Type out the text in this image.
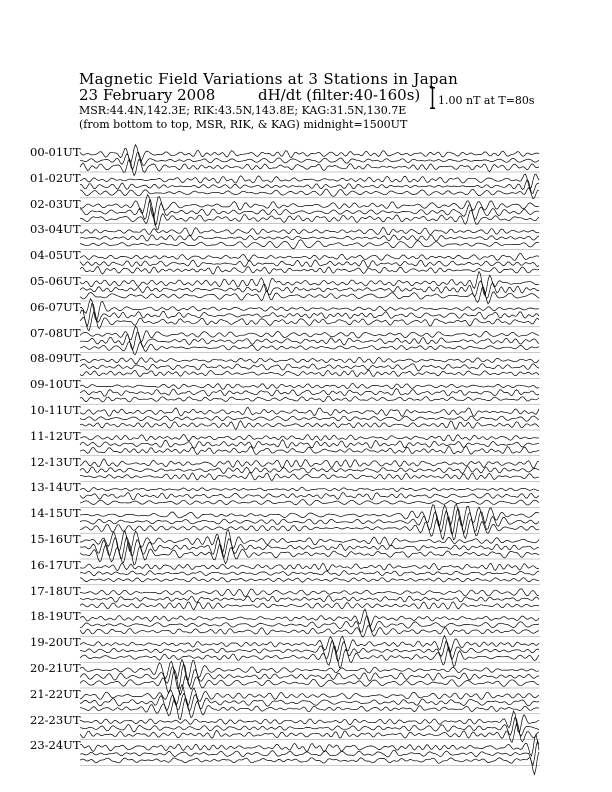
Magnetic Field Variations at 3 Stations in Japan
23 February 2008	dH/dt (filter:40-160s)
MSR:44.4N,142.3E; RIK:43.5N,143.8E; KAG:31.5N,130.7E
(from bottom to top, MSR, RIK, & KAG) midnight=1500UT
1.00 nT at T=80s
00-01UT
01-02UT
02-03UT
03-04UT
04-05UT
05-06UT
06-07UT
07-08UT
08-09UT
09-10UT
10-11UT
11-12UT
12-13UT
13-14UT
14-15UT
15-16UT
16-17UT
17-18UT
18-19UT
19-20UT
20-21UT
21-22UT
22-23UT
23-24UT
